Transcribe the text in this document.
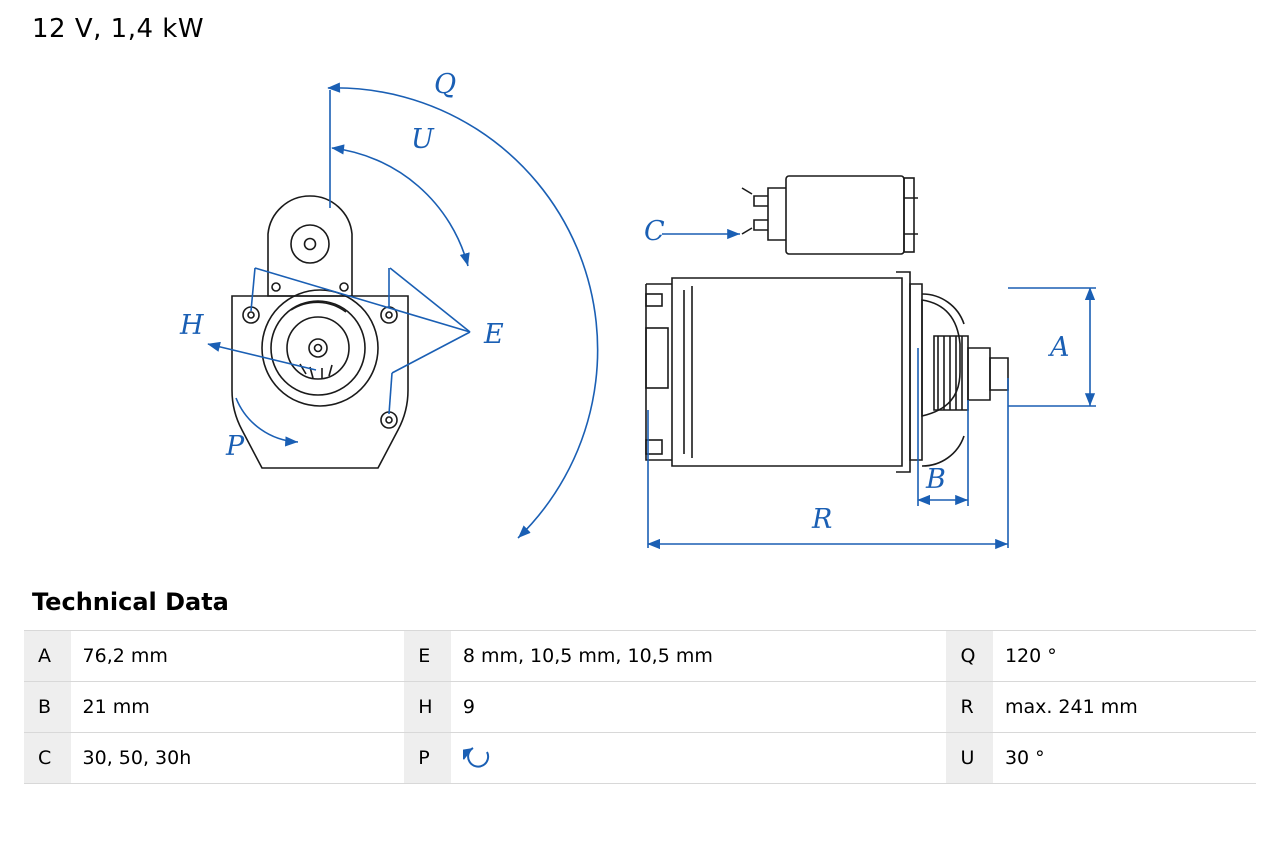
12 V, 1,4 kW
Q
U
E
H
P
C
A
B
R
Technical Data
A	76,2 mm	E	8 mm, 10,5 mm, 10,5 mm	Q	120 °
B	21 mm	H	9	R	max. 241 mm
C	30, 50, 30h	P		U	30 °
